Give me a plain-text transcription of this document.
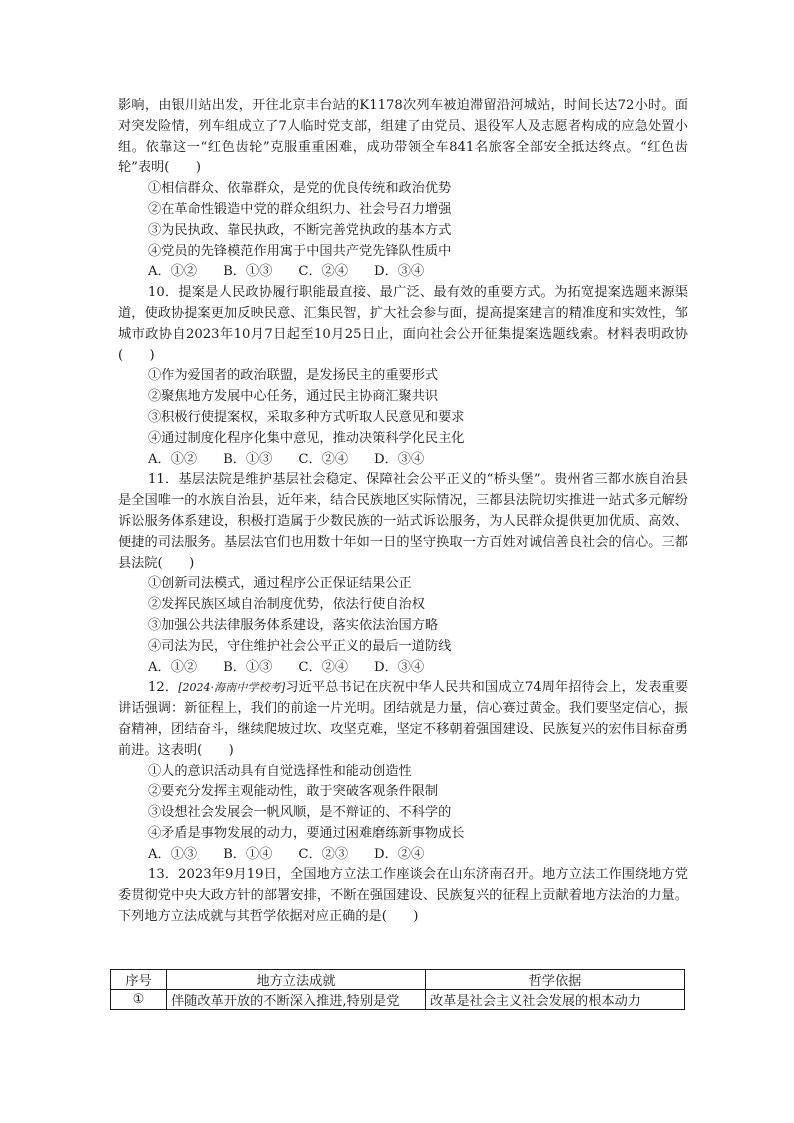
影响，由银川站出发，开往北京丰台站的K1178次列车被迫滞留沿河城站，时间长达72小时。面对突发险情，列车组成立了7人临时党支部，组建了由党员、退役军人及志愿者构成的应急处置小组。依靠这一“红色齿轮”克服重重困难，成功带领全车841名旅客全部安全抵达终点。“红色齿轮”表明(　　)

①相信群众、依靠群众，是党的优良传统和政治优势

②在革命性锻造中党的群众组织力、社会号召力增强

③为民执政、靠民执政，不断完善党执政的基本方式

④党员的先锋模范作用寓于中国共产党先锋队性质中

A．①② B．①③ C．②④ D．③④

10．提案是人民政协履行职能最直接、最广泛、最有效的重要方式。为拓宽提案选题来源渠道，使政协提案更加反映民意、汇集民智，扩大社会参与面，提高提案建言的精准度和实效性，邹城市政协自2023年10月7日起至10月25日止，面向社会公开征集提案选题线索。材料表明政协(　　)

①作为爱国者的政治联盟，是发扬民主的重要形式

②聚焦地方发展中心任务，通过民主协商汇聚共识

③积极行使提案权，采取多种方式听取人民意见和要求

④通过制度化程序化集中意见，推动决策科学化民主化

A．①② B．①③ C．②④ D．③④

11．基层法院是维护基层社会稳定、保障社会公平正义的“桥头堡”。贵州省三都水族自治县是全国唯一的水族自治县，近年来，结合民族地区实际情况，三都县法院切实推进一站式多元解纷诉讼服务体系建设，积极打造属于少数民族的一站式诉讼服务，为人民群众提供更加优质、高效、便捷的司法服务。基层法官们也用数十年如一日的坚守换取一方百姓对诚信善良社会的信心。三都县法院(　　)

①创新司法模式，通过程序公正保证结果公正

②发挥民族区域自治制度优势，依法行使自治权

③加强公共法律服务体系建设，落实依法治国方略

④司法为民，守住维护社会公平正义的最后一道防线

A．①② B．①③ C．②④ D．③④

12．[2024·海南中学校考]习近平总书记在庆祝中华人民共和国成立74周年招待会上，发表重要讲话强调：新征程上，我们的前途一片光明。团结就是力量，信心赛过黄金。我们要坚定信心，振奋精神，团结奋斗，继续爬坡过坎、攻坚克难，坚定不移朝着强国建设、民族复兴的宏伟目标奋勇前进。这表明(　　)

①人的意识活动具有自觉选择性和能动创造性

②要充分发挥主观能动性，敢于突破客观条件限制

③设想社会发展会一帆风顺，是不辩证的、不科学的

④矛盾是事物发展的动力，要通过困难磨练新事物成长

A．①③ B．①④ C．②③ D．②④

13．2023年9月19日，全国地方立法工作座谈会在山东济南召开。地方立法工作围绕地方党委贯彻党中央大政方针的部署安排，不断在强国建设、民族复兴的征程上贡献着地方法治的力量。下列地方立法成就与其哲学依据对应正确的是(　　)

序号	地方立法成就	哲学依据
①	伴随改革开放的不断深入推进,特别是党	改革是社会主义社会发展的根本动力
